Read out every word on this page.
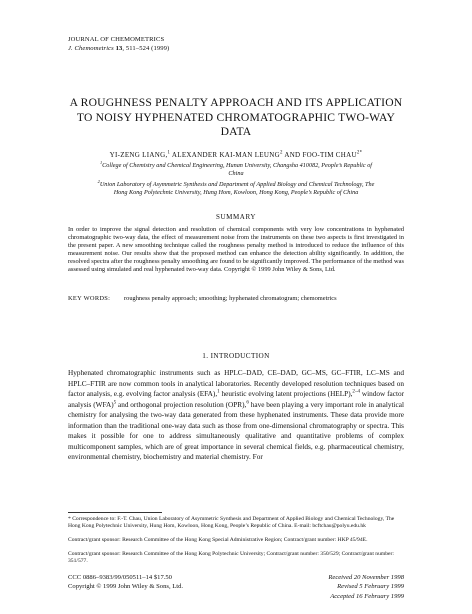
JOURNAL OF CHEMOMETRICS
J. Chemometrics 13, 511–524 (1999)
A ROUGHNESS PENALTY APPROACH AND ITS APPLICATION
TO NOISY HYPHENATED CHROMATOGRAPHIC TWO-WAY
DATA
YI-ZENG LIANG,$^1$ ALEXANDER KAI-MAN LEUNG$^2$ AND FOO-TIM $CHAU^{2*}$
$^1$College of Chemistry and Chemical Engineering, Hunan University, Changsha 410082, People’s Republic of
China
$^2$Union Laboratory of Asymmetric Synthesis and Department of Applied Biology and Chemical Technology, The
Hong Kong Polytechnic University, Hung Hom, Kowloon, Hong Kong, People’s Republic of China
SUMMARY
In order to improve the signal detection and resolution of chemical components with very low concentrations in hyphenated chromatographic two-way data, the effect of measurement noise from the instruments on these two aspects is first investigated in the present paper. A new smoothing technique called the roughness penalty method is introduced to reduce the influence of this measurement noise. Our results show that the proposed method can enhance the detection ability significantly. In addition, the resolved spectra after the roughness penalty smoothing are found to be significantly improved. The performance of the method was assessed using simulated and real hyphenated two-way data. Copyright © 1999 John Wiley & Sons, Ltd.
KEY WORDS: roughness penalty approach; smoothing; hyphenated chromatogram; chemometrics
1. INTRODUCTION
Hyphenated chromatographic instruments such as HPLC–DAD, CE–DAD, GC–MS, GC–FTIR, LC–MS and HPLC–FTIR are now common tools in analytical laboratories. Recently developed resolution techniques based on factor analysis, e.g. evolving factor analysis (EFA),$^1$ heuristic evolving latent projections (HELP),$^{2-4}$ window factor analysis (WFA)$^5$ and orthogonal projection resolution (OPR),$^6$ have been playing a very important role in analytical chemistry for analysing the two-way data generated from these hyphenated instruments. These data provide more information than the traditional one-way data such as those from one-dimensional chromatography or spectra. This makes it possible for one to address simultaneously qualitative and quantitative problems of complex multicomponent samples, which are of great importance in several chemical fields, e.g. pharmaceutical chemistry, environmental chemistry, biochemistry and material chemistry. For
* Correspondence to: F.-T. Chau, Union Laboratory of Asymmetric Synthesis and Department of Applied Biology and Chemical Technology, The Hong Kong Polytechnic University, Hung Hom, Kowloon, Hong Kong, People’s Republic of China. E-mail: bcftchau@polyu.edu.hk
Contract/grant sponsor: Research Committee of the Hong Kong Special Administrative Region; Contract/grant number: HKP 45/94E.
Contract/grant sponsor: Research Committee of the Hong Kong Polytechnic University; Contract/grant number: 350/529; Contract/grant number: 351/577.
CCC 0886–9383/99/050511–14 $17.50
Copyright © 1999 John Wiley & Sons, Ltd.
Received 20 November 1998
Revised 5 February 1999
Accepted 16 February 1999
